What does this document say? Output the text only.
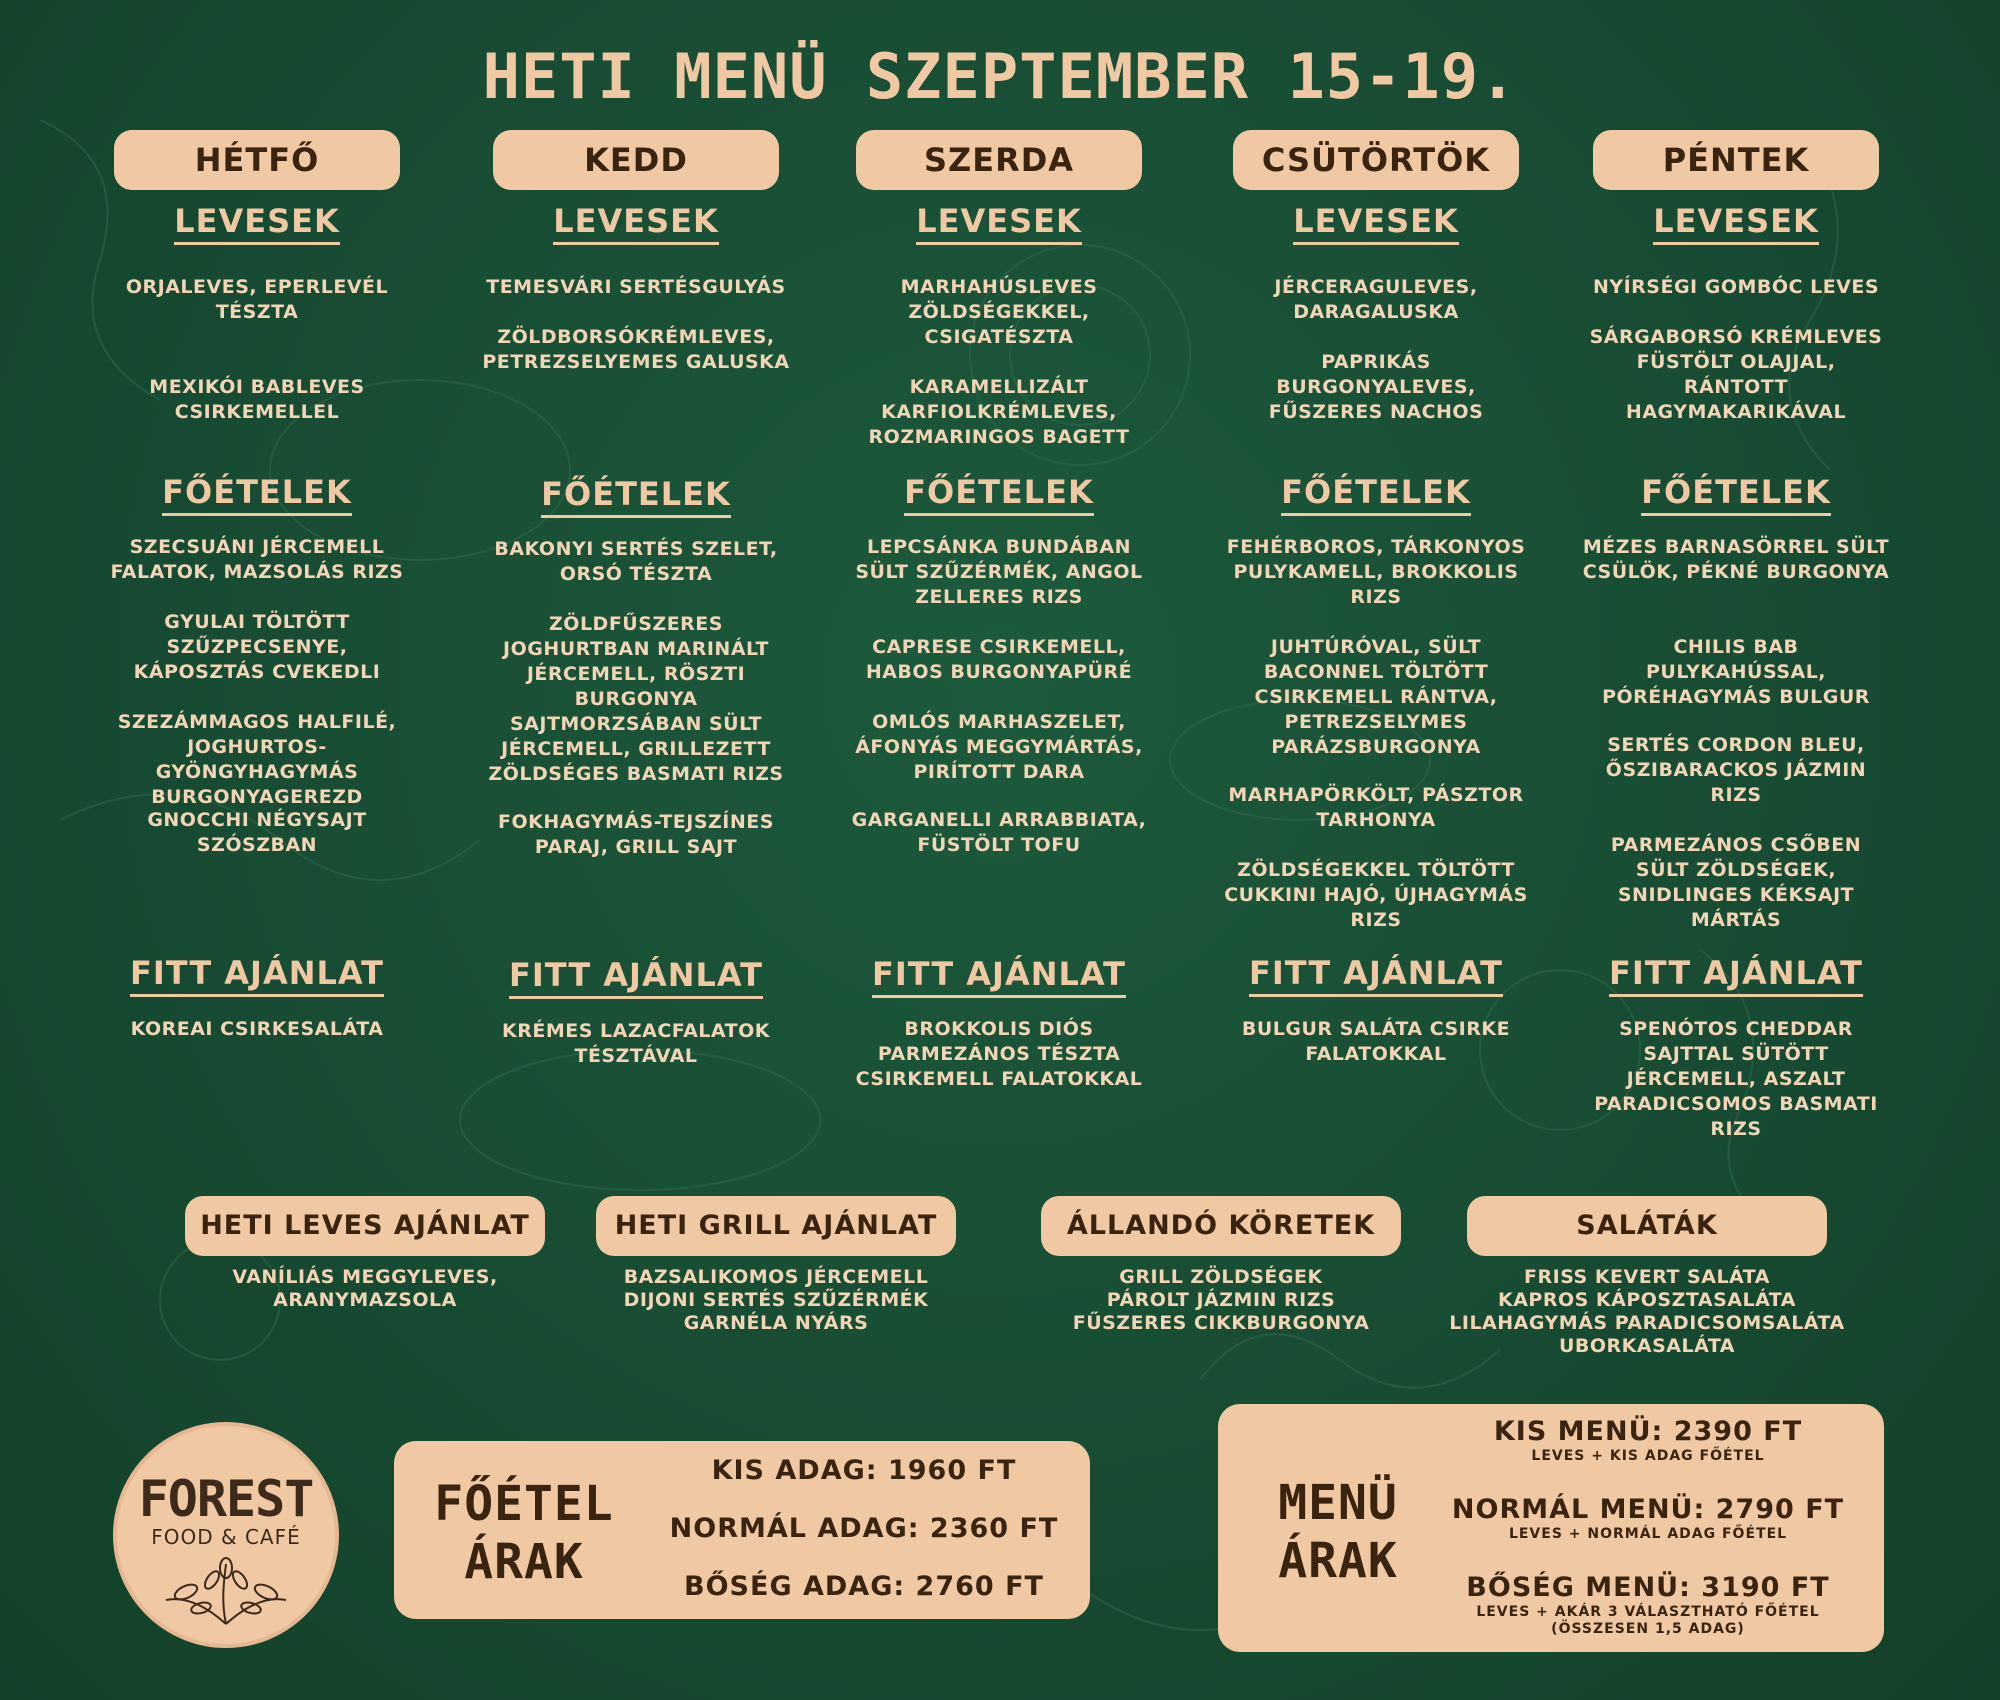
HETI MENÜ SZEPTEMBER 15-19.
HÉTFŐ
LEVESEK
ORJALEVES, EPERLEVÉL TÉSZTA
MEXIKÓI BABLEVES CSIRKEMELLEL
FŐÉTELEK
SZECSUÁNI JÉRCEMELL FALATOK, MAZSOLÁS RIZS
GYULAI TÖLTÖTT SZŰZPECSENYE, KÁPOSZTÁS CVEKEDLI
SZEZÁMMAGOS HALFILÉ, JOGHURTOS-GYÖNGYHAGYMÁS BURGONYAGEREZD
GNOCCHI NÉGYSAJT SZÓSZBAN
FITT AJÁNLAT
KOREAI CSIRKESALÁTA
KEDD
LEVESEK
TEMESVÁRI SERTÉSGULYÁS
ZÖLDBORSÓKRÉMLEVES, PETREZSELYEMES GALUSKA
FŐÉTELEK
BAKONYI SERTÉS SZELET, ORSÓ TÉSZTA
ZÖLDFŰSZERES JOGHURTBAN MARINÁLT JÉRCEMELL, RÖSZTI BURGONYA
SAJTMORZSÁBAN SÜLT JÉRCEMELL, GRILLEZETT ZÖLDSÉGES BASMATI RIZS
FOKHAGYMÁS-TEJSZÍNES PARAJ, GRILL SAJT
FITT AJÁNLAT
KRÉMES LAZACFALATOK TÉSZTÁVAL
SZERDA
LEVESEK
MARHAHÚSLEVES ZÖLDSÉGEKKEL, CSIGATÉSZTA
KARAMELLIZÁLT KARFIOLKRÉMLEVES, ROZMARINGOS BAGETT
FŐÉTELEK
LEPCSÁNKA BUNDÁBAN SÜLT SZŰZÉRMÉK, ANGOL ZELLERES RIZS
CAPRESE CSIRKEMELL, HABOS BURGONYAPÜRÉ
OMLÓS MARHASZELET, ÁFONYÁS MEGGYMÁRTÁS, PIRÍTOTT DARA
GARGANELLI ARRABBIATA, FÜSTÖLT TOFU
FITT AJÁNLAT
BROKKOLIS DIÓS PARMEZÁNOS TÉSZTA CSIRKEMELL FALATOKKAL
CSÜTÖRTÖK
LEVESEK
JÉRCERAGULEVES, DARAGALUSKA
PAPRIKÁS BURGONYALEVES, FŰSZERES NACHOS
FŐÉTELEK
FEHÉRBOROS, TÁRKONYOS PULYKAMELL, BROKKOLIS RIZS
JUHTÚRÓVAL, SÜLT BACONNEL TÖLTÖTT CSIRKEMELL RÁNTVA, PETREZSELYMES PARÁZSBURGONYA
MARHAPÖRKÖLT, PÁSZTOR TARHONYA
ZÖLDSÉGEKKEL TÖLTÖTT CUKKINI HAJÓ, ÚJHAGYMÁS RIZS
FITT AJÁNLAT
BULGUR SALÁTA CSIRKE FALATOKKAL
PÉNTEK
LEVESEK
NYÍRSÉGI GOMBÓC LEVES
SÁRGABORSÓ KRÉMLEVES FÜSTÖLT OLAJJAL, RÁNTOTT HAGYMAKARIKÁVAL
FŐÉTELEK
MÉZES BARNASÖRREL SÜLT CSÜLÖK, PÉKNÉ BURGONYA
CHILIS BAB PULYKAHÚSSAL, PÓRÉHAGYMÁS BULGUR
SERTÉS CORDON BLEU, ŐSZIBARACKOS JÁZMIN RIZS
PARMEZÁNOS CSŐBEN SÜLT ZÖLDSÉGEK, SNIDLINGES KÉKSAJT MÁRTÁS
FITT AJÁNLAT
SPENÓTOS CHEDDAR SAJTTAL SÜTÖTT JÉRCEMELL, ASZALT PARADICSOMOS BASMATI RIZS
HETI LEVES AJÁNLAT
VANÍLIÁS MEGGYLEVES,
ARANYMAZSOLA
HETI GRILL AJÁNLAT
BAZSALIKOMOS JÉRCEMELL
DIJONI SERTÉS SZŰZÉRMÉK
GARNÉLA NYÁRS
ÁLLANDÓ KÖRETEK
GRILL ZÖLDSÉGEK
PÁROLT JÁZMIN RIZS
FŰSZERES CIKKBURGONYA
SALÁTÁK
FRISS KEVERT SALÁTA
KAPROS KÁPOSZTASALÁTA
LILAHAGYMÁS PARADICSOMSALÁTA
UBORKASALÁTA
FOREST
FOOD & CAFÉ
FŐÉTEL
ÁRAK
KIS ADAG: 1960 FT
NORMÁL ADAG: 2360 FT
BŐSÉG ADAG: 2760 FT
MENÜ
ÁRAK
KIS MENÜ: 2390 FT
LEVES + KIS ADAG FŐÉTEL
NORMÁL MENÜ: 2790 FT
LEVES + NORMÁL ADAG FŐÉTEL
BŐSÉG MENÜ: 3190 FT
LEVES + AKÁR 3 VÁLASZTHATÓ FŐÉTEL
(ÖSSZESEN 1,5 ADAG)
